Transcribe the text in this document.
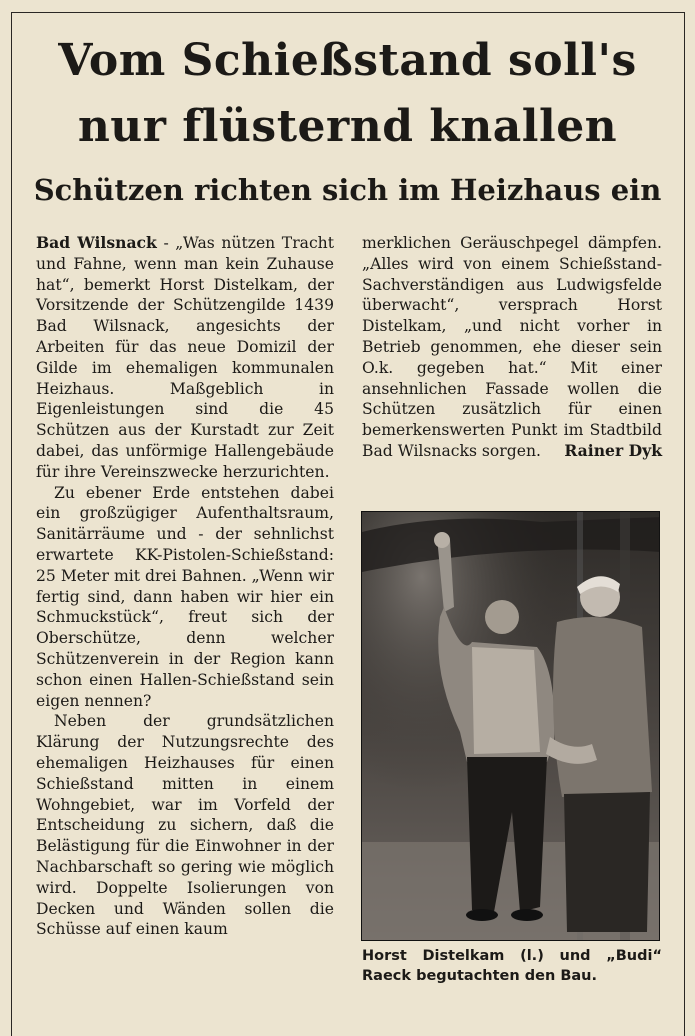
Vom Schießstand soll's
nur flüsternd knallen
Schützen richten sich im Heizhaus ein

Bad Wilsnack - „Was nützen Tracht und Fahne, wenn man kein Zuhause hat“, bemerkt Horst Distelkam, der Vorsitzende der Schützengilde 1439 Bad Wilsnack, angesichts der Arbeiten für das neue Domizil der Gilde im ehemaligen kommunalen Heizhaus. Maßgeblich in Eigenleistungen sind die 45 Schützen aus der Kurstadt zur Zeit dabei, das unförmige Hallengebäude für ihre Vereinszwecke herzurichten.

Zu ebener Erde entstehen dabei ein großzügiger Aufenthaltsraum, Sanitärräume und - der sehnlichst erwartete KK-Pistolen-Schießstand: 25 Meter mit drei Bahnen. „Wenn wir fertig sind, dann haben wir hier ein Schmuckstück“, freut sich der Oberschütze, denn welcher Schützenverein in der Region kann schon einen Hallen-Schießstand sein eigen nennen?

Neben der grundsätzlichen Klärung der Nutzungsrechte des ehemaligen Heizhauses für einen Schießstand mitten in einem Wohngebiet, war im Vorfeld der Entscheidung zu sichern, daß die Belästigung für die Einwohner in der Nachbarschaft so gering wie möglich wird. Doppelte Isolierungen von Decken und Wänden sollen die Schüsse auf einen kaum

merklichen Geräuschpegel dämpfen. „Alles wird von einem Schießstand-Sachverständigen aus Ludwigsfelde überwacht“, versprach Horst Distelkam, „und nicht vorher in Betrieb genommen, ehe dieser sein O.k. gegeben hat.“ Mit einer ansehnlichen Fassade wollen die Schützen zusätzlich für einen bemerkenswerten Punkt im Stadtbild Bad Wilsnacks sorgen. Rainer Dyk

Horst Distelkam (l.) und „Budi“ Raeck begutachten den Bau.
